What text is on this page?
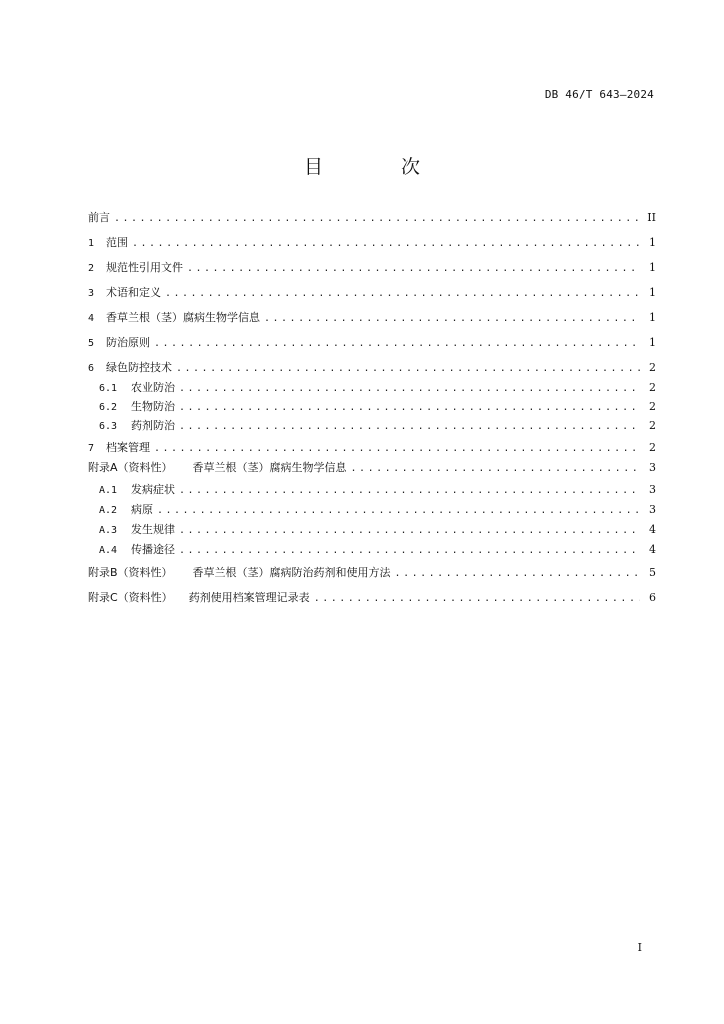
DB 46/T 643—2024
目 次
前言 .....	II
1	范围 .....	1
2	规范性引用文件 .....	1
3	术语和定义 .....	1
4	香草兰根（茎）腐病生物学信息 .....	1
5	防治原则 .....	1
6	绿色防控技术 .....	2
6.1	农业防治 .....	2
6.2	生物防治 .....	2
6.3	药剂防治 .....	2
7	档案管理 .....	2
附录A（资料性） 香草兰根（茎）腐病生物学信息 .....	3
A.1	发病症状 .....	3
A.2	病原 .....	3
A.3	发生规律 .....	4
A.4	传播途径 .....	4
附录B（资料性） 香草兰根（茎）腐病防治药剂和使用方法 .....	5
附录C（资料性） 药剂使用档案管理记录表 .....	6
I
